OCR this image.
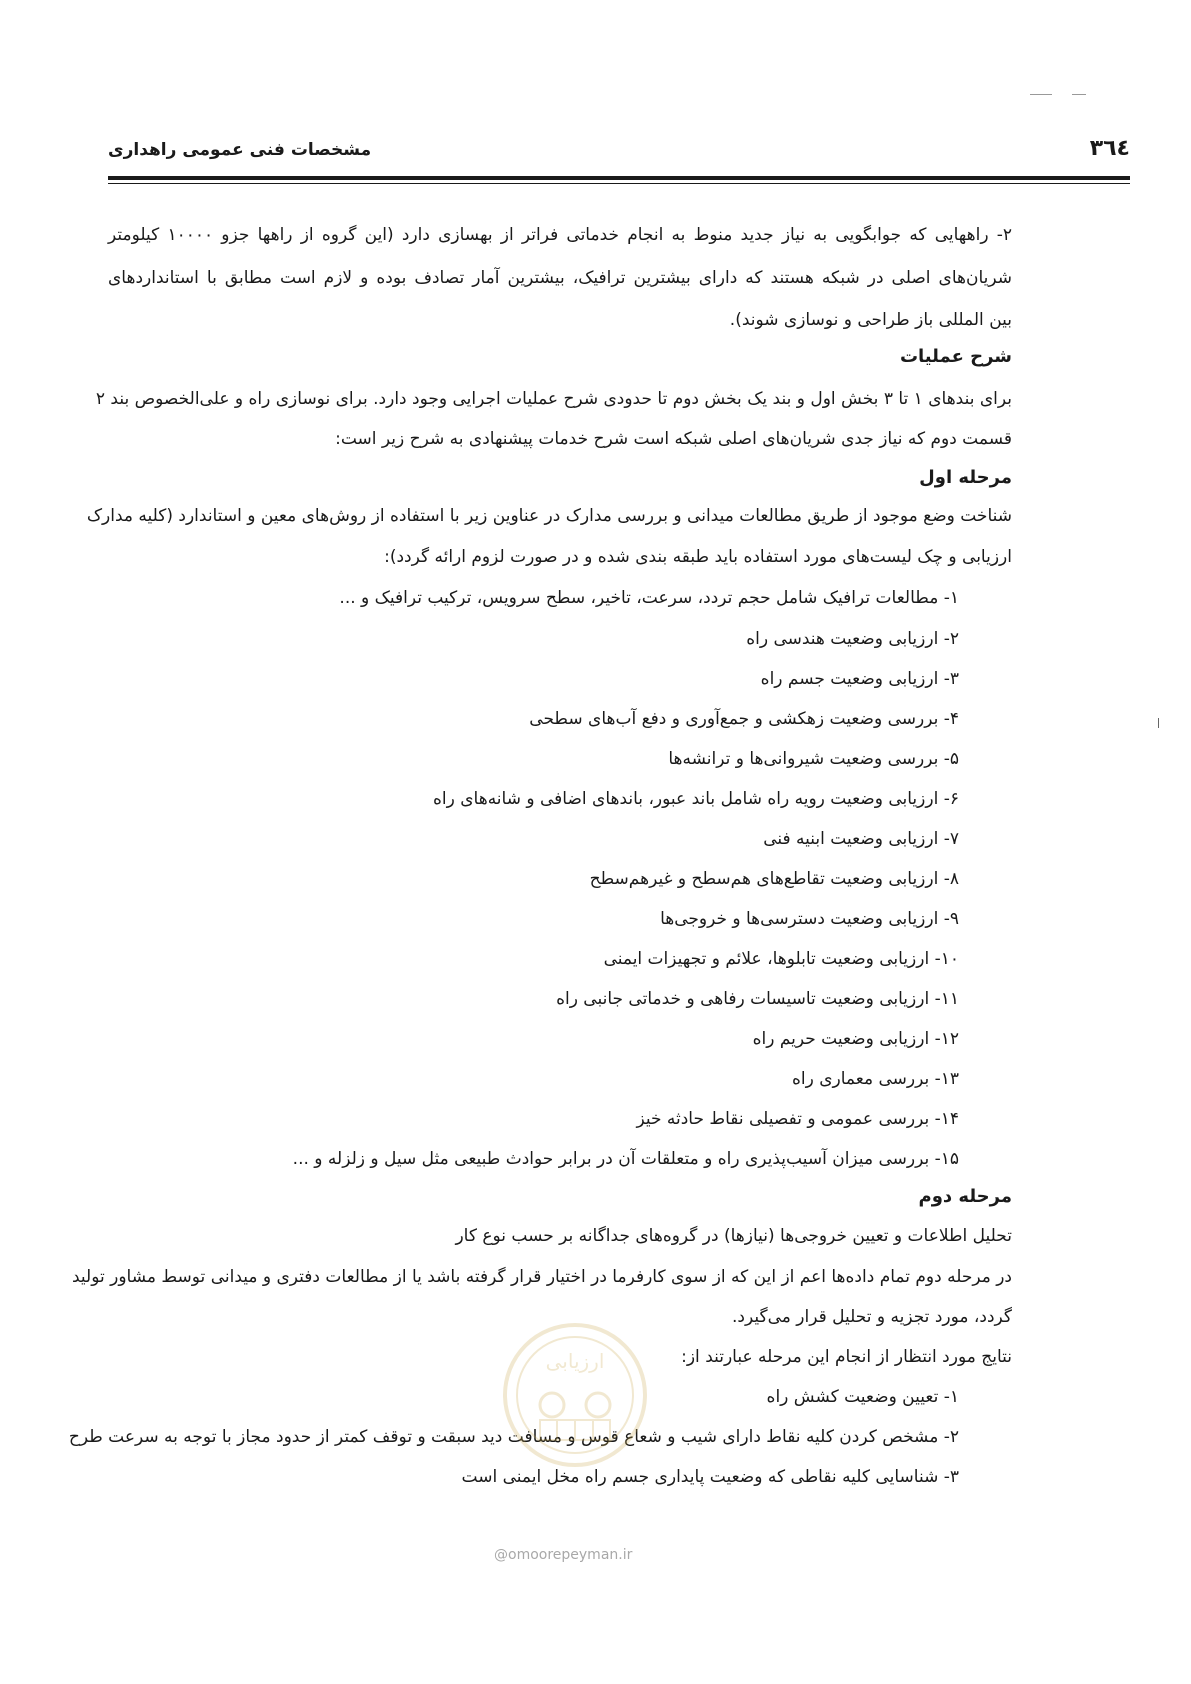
مشخصات فنی عمومی راهداری	٣٦٤
٢- راههایی که جوابگویی به نیاز جدید منوط به انجام خدماتی فراتر از بهسازی دارد (این گروه از راهها جزو ١٠٠٠٠ کیلومتر
شریان‌های اصلی در شبکه هستند که دارای بیشترین ترافیک، بیشترین آمار تصادف بوده و لازم است مطابق با استانداردهای
بین المللی باز طراحی و نوسازی شوند).
شرح عملیات
برای بندهای ١ تا ٣ بخش اول و بند یک بخش دوم تا حدودی شرح عملیات اجرایی وجود دارد. برای نوسازی راه و علی‌الخصوص بند ٢
قسمت دوم که نیاز جدی شریان‌های اصلی شبکه است شرح خدمات پیشنهادی به شرح زیر است:
مرحله اول
شناخت وضع موجود از طریق مطالعات میدانی و بررسی مدارک در عناوین زیر با استفاده از روش‌های معین و استاندارد (کلیه مدارک
ارزیابی و چک لیست‌های مورد استفاده باید طبقه بندی شده و در صورت لزوم ارائه گردد):
١- مطالعات ترافیک شامل حجم تردد، سرعت، تاخیر، سطح سرویس، ترکیب ترافیک و ...
٢- ارزیابی وضعیت هندسی راه
٣- ارزیابی وضعیت جسم راه
۴- بررسی وضعیت زهکشی و جمع‌آوری و دفع آب‌های سطحی
۵- بررسی وضعیت شیروانی‌ها و ترانشه‌ها
۶- ارزیابی وضعیت رویه راه شامل باند عبور، باندهای اضافی و شانه‌های راه
٧- ارزیابی وضعیت ابنیه فنی
٨- ارزیابی وضعیت تقاطع‌های هم‌سطح و غیرهم‌سطح
٩- ارزیابی وضعیت دسترسی‌ها و خروجی‌ها
١٠- ارزیابی وضعیت تابلوها، علائم و تجهیزات ایمنی
١١- ارزیابی وضعیت تاسیسات رفاهی و خدماتی جانبی راه
١٢- ارزیابی وضعیت حریم راه
١٣- بررسی معماری راه
١۴- بررسی عمومی و تفصیلی نقاط حادثه خیز
١۵- بررسی میزان آسیب‌پذیری راه و متعلقات آن در برابر حوادث طبیعی مثل سیل و زلزله و ...
مرحله دوم
تحلیل اطلاعات و تعیین خروجی‌ها (نیازها) در گروه‌های جداگانه بر حسب نوع کار
در مرحله دوم تمام داده‌ها اعم از این که از سوی کارفرما در اختیار قرار گرفته باشد یا از مطالعات دفتری و میدانی توسط مشاور تولید
گردد، مورد تجزیه و تحلیل قرار می‌گیرد.
نتایج مورد انتظار از انجام این مرحله عبارتند از:
١- تعیین وضعیت کشش راه
٢- مشخص کردن کلیه نقاط دارای شیب و شعاع قوس و مسافت دید سبقت و توقف کمتر از حدود مجاز با توجه به سرعت طرح
٣- شناسایی کلیه نقاطی که وضعیت پایداری جسم راه مخل ایمنی است
ارزیابی
@omoorepeyman.ir
